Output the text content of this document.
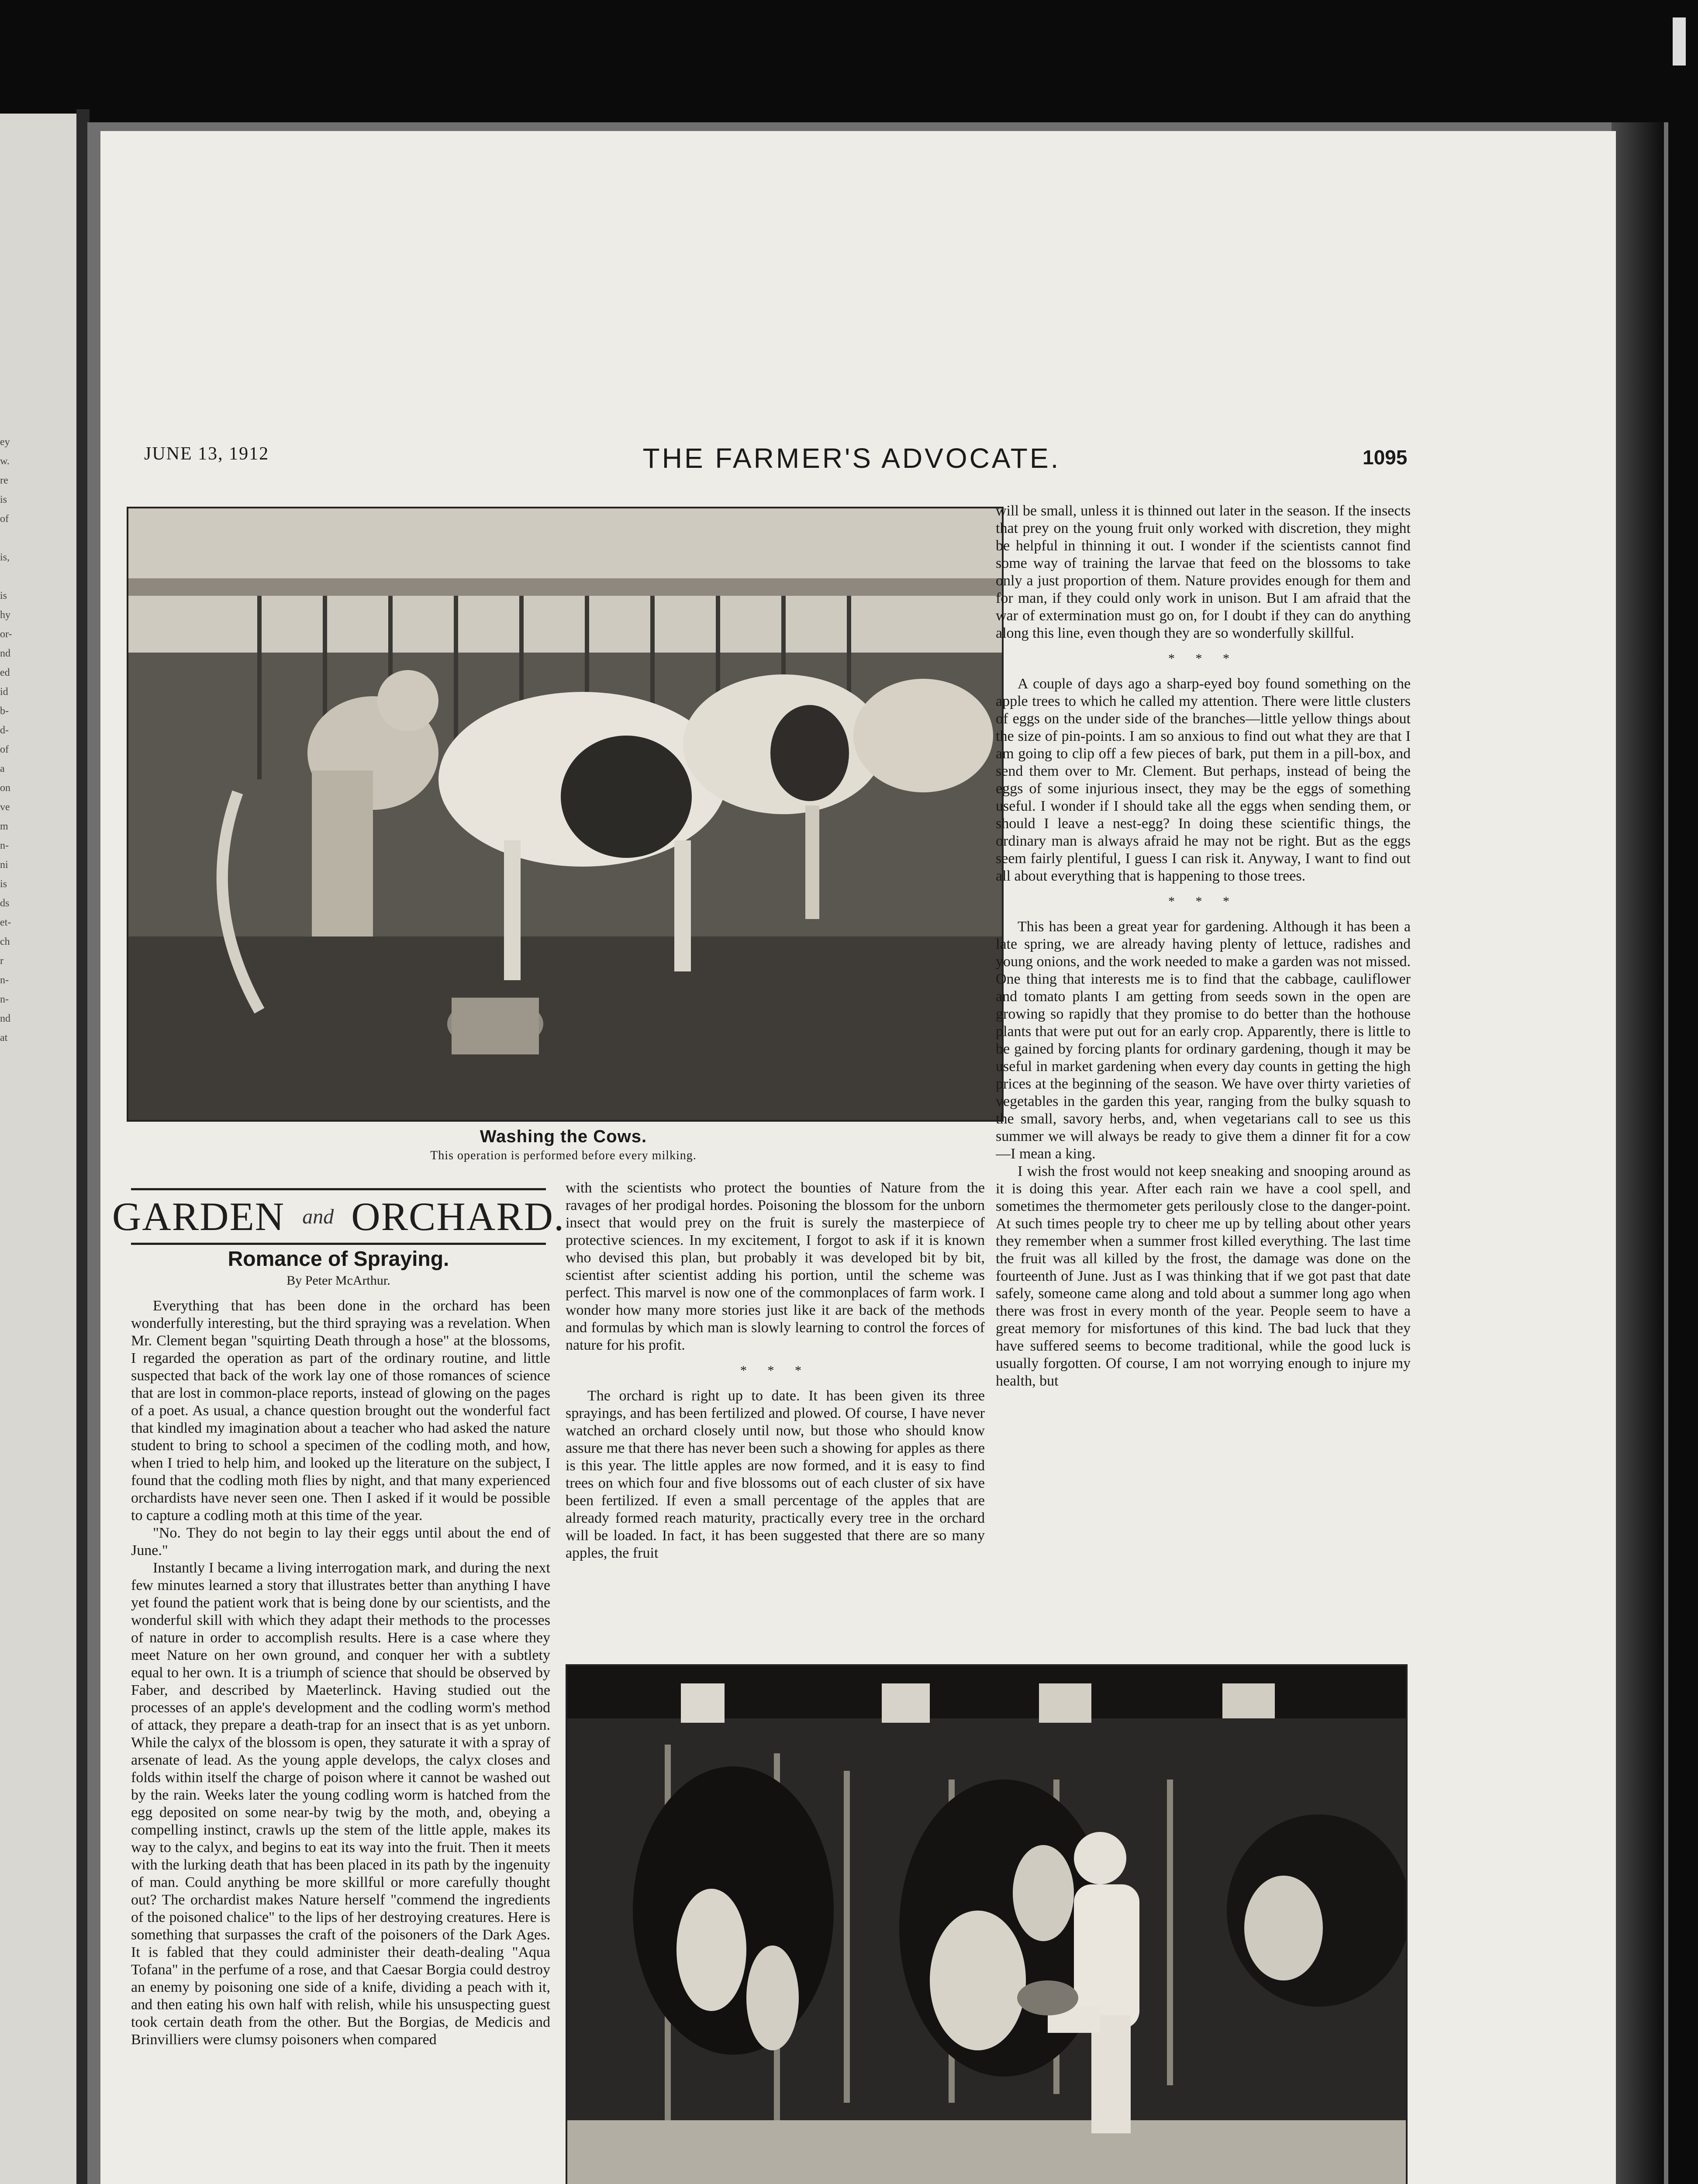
ey
w.
re
is
of

is,

is
hy
or-
nd
ed
id
b-
d-
of
a
on
ve
m
n-
ni
is
ds
et-
ch
r
n-
n-
nd
at
JUNE 13, 1912	THE FARMER'S ADVOCATE.	1095
Washing the Cows.
This operation is performed before every milking.
GARDEN and ORCHARD.
Romance of Spraying.
By Peter McArthur.

Everything that has been done in the orchard has been wonderfully interesting, but the third spraying was a revelation. When Mr. Clement began "squirting Death through a hose" at the blossoms, I regarded the operation as part of the ordinary routine, and little suspected that back of the work lay one of those romances of science that are lost in common-place reports, instead of glowing on the pages of a poet. As usual, a chance question brought out the wonderful fact that kindled my imagination about a teacher who had asked the nature student to bring to school a specimen of the codling moth, and how, when I tried to help him, and looked up the literature on the subject, I found that the codling moth flies by night, and that many experienced orchardists have never seen one. Then I asked if it would be possible to capture a codling moth at this time of the year.

"No. They do not begin to lay their eggs until about the end of June."

Instantly I became a living interrogation mark, and during the next few minutes learned a story that illustrates better than anything I have yet found the patient work that is being done by our scientists, and the wonderful skill with which they adapt their methods to the processes of nature in order to accomplish results. Here is a case where they meet Nature on her own ground, and conquer her with a subtlety equal to her own. It is a triumph of science that should be observed by Faber, and described by Maeterlinck. Having studied out the processes of an apple's development and the codling worm's method of attack, they prepare a death-trap for an insect that is as yet unborn. While the calyx of the blossom is open, they saturate it with a spray of arsenate of lead. As the young apple develops, the calyx closes and folds within itself the charge of poison where it cannot be washed out by the rain. Weeks later the young codling worm is hatched from the egg deposited on some near-by twig by the moth, and, obeying a compelling instinct, crawls up the stem of the little apple, makes its way to the calyx, and begins to eat its way into the fruit. Then it meets with the lurking death that has been placed in its path by the ingenuity of man. Could anything be more skillful or more carefully thought out? The orchardist makes Nature herself "commend the ingredients of the poisoned chalice" to the lips of her destroying creatures. Here is something that surpasses the craft of the poisoners of the Dark Ages. It is fabled that they could administer their death-dealing "Aqua Tofana" in the perfume of a rose, and that Caesar Borgia could destroy an enemy by poisoning one side of a knife, dividing a peach with it, and then eating his own half with relish, while his unsuspecting guest took certain death from the other. But the Borgias, de Medicis and Brinvilliers were clumsy poisoners when compared

with the scientists who protect the bounties of Nature from the ravages of her prodigal hordes. Poisoning the blossom for the unborn insect that would prey on the fruit is surely the masterpiece of protective sciences. In my excitement, I forgot to ask if it is known who devised this plan, but probably it was developed bit by bit, scientist after scientist adding his portion, until the scheme was perfect. This marvel is now one of the commonplaces of farm work. I wonder how many more stories just like it are back of the methods and formulas by which man is slowly learning to control the forces of nature for his profit.

* * *

The orchard is right up to date. It has been given its three sprayings, and has been fertilized and plowed. Of course, I have never watched an orchard closely until now, but those who should know assure me that there has never been such a showing for apples as there is this year. The little apples are now formed, and it is easy to find trees on which four and five blossoms out of each cluster of six have been fertilized. If even a small percentage of the apples that are already formed reach maturity, practically every tree in the orchard will be loaded. In fact, it has been suggested that there are so many apples, the fruit

will be small, unless it is thinned out later in the season. If the insects that prey on the young fruit only worked with discretion, they might be helpful in thinning it out. I wonder if the scientists cannot find some way of training the larvae that feed on the blossoms to take only a just proportion of them. Nature provides enough for them and for man, if they could only work in unison. But I am afraid that the war of extermination must go on, for I doubt if they can do anything along this line, even though they are so wonderfully skillful.

* * *

A couple of days ago a sharp-eyed boy found something on the apple trees to which he called my attention. There were little clusters of eggs on the under side of the branches—little yellow things about the size of pin-points. I am so anxious to find out what they are that I am going to clip off a few pieces of bark, put them in a pill-box, and send them over to Mr. Clement. But perhaps, instead of being the eggs of some injurious insect, they may be the eggs of something useful. I wonder if I should take all the eggs when sending them, or should I leave a nest-egg? In doing these scientific things, the ordinary man is always afraid he may not be right. But as the eggs seem fairly plentiful, I guess I can risk it. Anyway, I want to find out all about everything that is happening to those trees.

* * *

This has been a great year for gardening. Although it has been a late spring, we are already having plenty of lettuce, radishes and young onions, and the work needed to make a garden was not missed. One thing that interests me is to find that the cabbage, cauliflower and tomato plants I am getting from seeds sown in the open are growing so rapidly that they promise to do better than the hothouse plants that were put out for an early crop. Apparently, there is little to be gained by forcing plants for ordinary gardening, though it may be useful in market gardening when every day counts in getting the high prices at the beginning of the season. We have over thirty varieties of vegetables in the garden this year, ranging from the bulky squash to the small, savory herbs, and, when vegetarians call to see us this summer we will always be ready to give them a dinner fit for a cow—I mean a king.

I wish the frost would not keep sneaking and snooping around as it is doing this year. After each rain we have a cool spell, and sometimes the thermometer gets perilously close to the danger-point. At such times people try to cheer me up by telling about other years they remember when a summer frost killed everything. The last time the fruit was all killed by the frost, the damage was done on the fourteenth of June. Just as I was thinking that if we got past that date safely, someone came along and told about a summer long ago when there was frost in every month of the year. People seem to have a great memory for misfortunes of this kind. The bad luck that they have suffered seems to become traditional, while the good luck is usually forgotten. Of course, I am not worrying enough to injure my health, but
